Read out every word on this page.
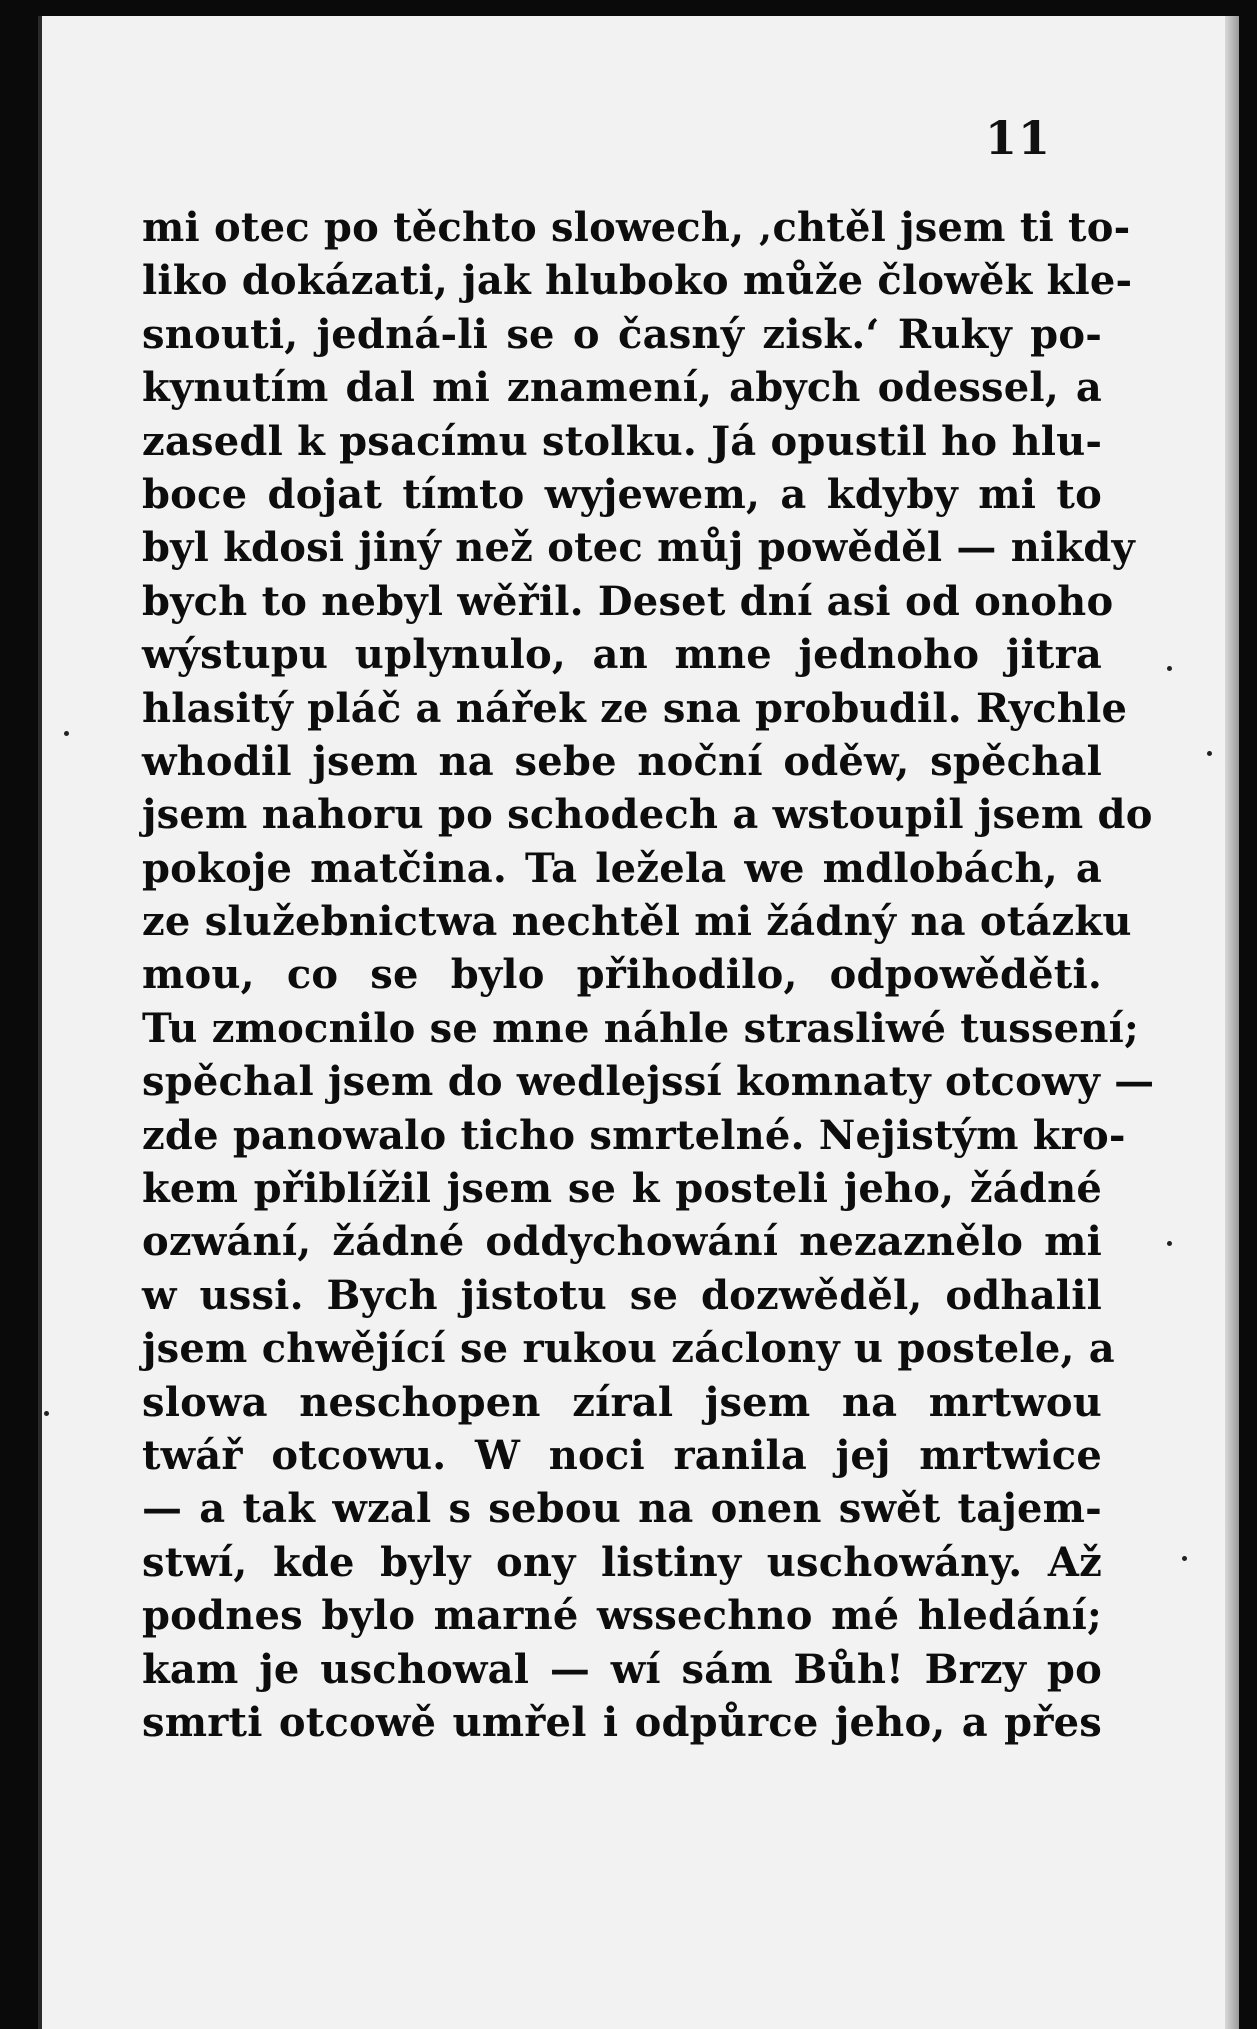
11
mi otec po těchto slowech, ‚chtěl jsem ti to-
liko dokázati, jak hluboko může člowěk kle-
snouti, jedná-li se o časný zisk.‘ Ruky po-
kynutím dal mi znamení, abych odessel, a
zasedl k psacímu stolku. Já opustil ho hlu-
boce dojat tímto wyjewem, a kdyby mi to
byl kdosi jiný než otec můj powěděl — nikdy
bych to nebyl wěřil. Deset dní asi od onoho
wýstupu uplynulo, an mne jednoho jitra
hlasitý pláč a nářek ze sna probudil. Rychle
whodil jsem na sebe noční oděw, spěchal
jsem nahoru po schodech a wstoupil jsem do
pokoje matčina. Ta ležela we mdlobách, a
ze služebnictwa nechtěl mi žádný na otázku
mou, co se bylo přihodilo, odpowěděti.
Tu zmocnilo se mne náhle strasliwé tussení;
spěchal jsem do wedlejssí komnaty otcowy —
zde panowalo ticho smrtelné. Nejistým kro-
kem přiblížil jsem se k posteli jeho, žádné
ozwání, žádné oddychowání nezaznělo mi
w ussi. Bych jistotu se dozwěděl, odhalil
jsem chwějící se rukou záclony u postele, a
slowa neschopen zíral jsem na mrtwou
twář otcowu. W noci ranila jej mrtwice
— a tak wzal s sebou na onen swět tajem-
stwí, kde byly ony listiny uschowány. Až
podnes bylo marné wssechno mé hledání;
kam je uschowal — wí sám Bůh! Brzy po
smrti otcowě umřel i odpůrce jeho, a přes
